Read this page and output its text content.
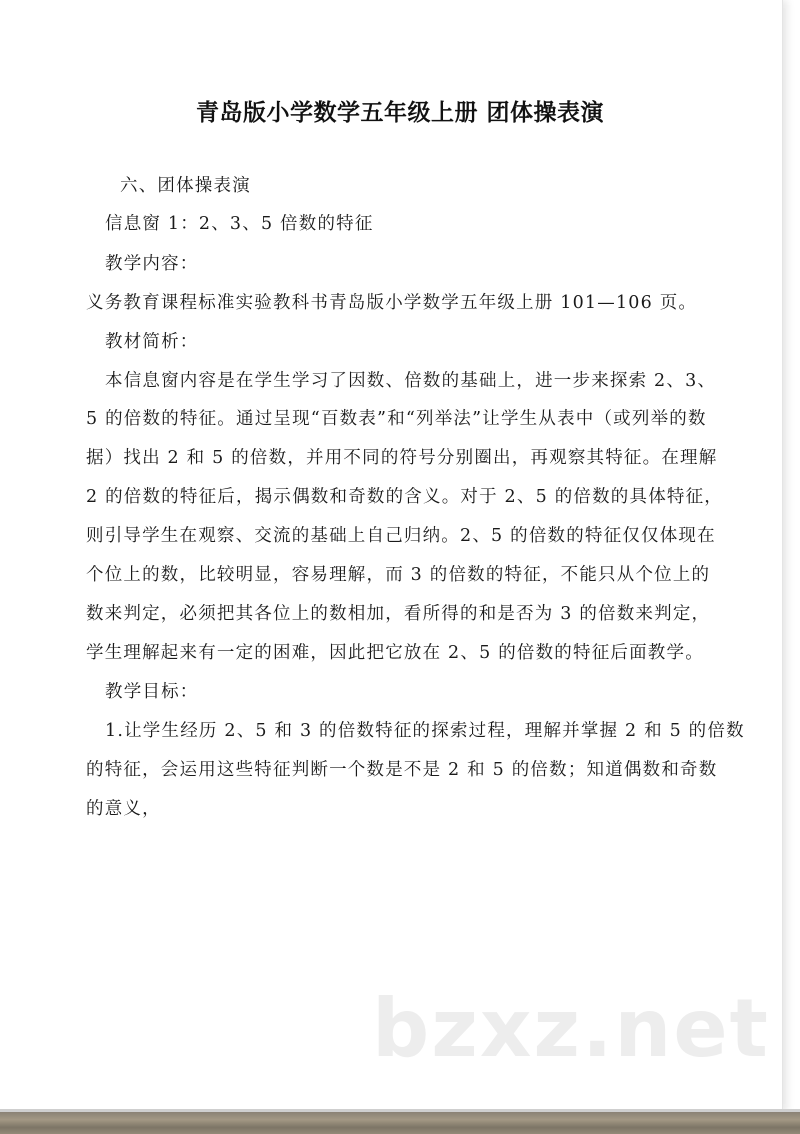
青岛版小学数学五年级上册 团体操表演
六、团体操表演
信息窗 1：2、3、5 倍数的特征
教学内容：
义务教育课程标准实验教科书青岛版小学数学五年级上册 101—106 页。
教材简析：
本信息窗内容是在学生学习了因数、倍数的基础上，进一步来探索 2、3、
5 的倍数的特征。通过呈现“百数表”和“列举法”让学生从表中（或列举的数
据）找出 2 和 5 的倍数，并用不同的符号分别圈出，再观察其特征。在理解
2 的倍数的特征后，揭示偶数和奇数的含义。对于 2、5 的倍数的具体特征，
则引导学生在观察、交流的基础上自己归纳。2、5 的倍数的特征仅仅体现在
个位上的数，比较明显，容易理解，而 3 的倍数的特征，不能只从个位上的
数来判定，必须把其各位上的数相加，看所得的和是否为 3 的倍数来判定，
学生理解起来有一定的困难，因此把它放在 2、5 的倍数的特征后面教学。
教学目标：
1.让学生经历 2、5 和 3 的倍数特征的探索过程，理解并掌握 2 和 5 的倍数
的特征，会运用这些特征判断一个数是不是 2 和 5 的倍数；知道偶数和奇数
的意义，
bzxz.net
